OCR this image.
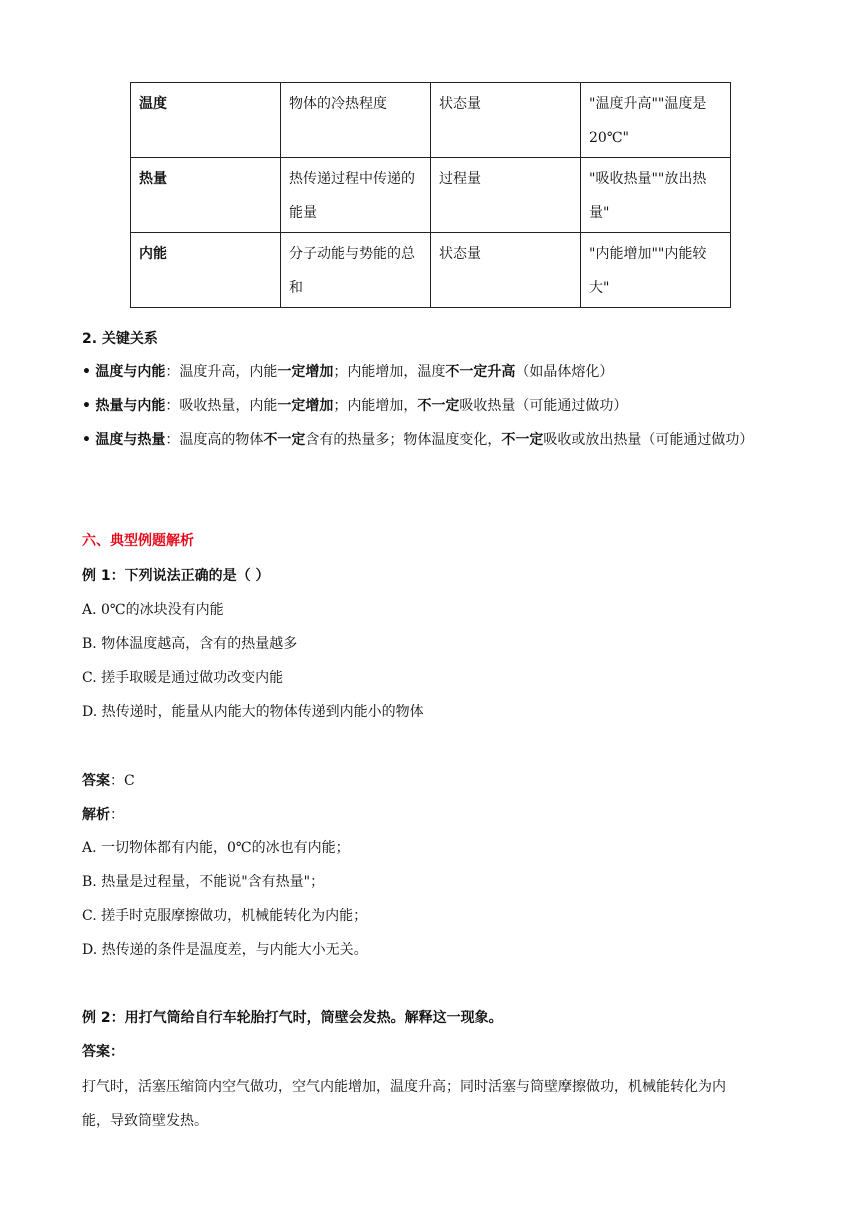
温度	物体的冷热程度	状态量	"温度升高""温度是20℃"
热量	热传递过程中传递的能量	过程量	"吸收热量""放出热量"
内能	分子动能与势能的总和	状态量	"内能增加""内能较大"
2. 关键关系
• 温度与内能：温度升高，内能一定增加；内能增加，温度不一定升高（如晶体熔化）
• 热量与内能：吸收热量，内能一定增加；内能增加，不一定吸收热量（可能通过做功）
• 温度与热量：温度高的物体不一定含有的热量多；物体温度变化，不一定吸收或放出热量（可能通过做功）
六、典型例题解析
例 1：下列说法正确的是（ ）
A. 0℃的冰块没有内能
B. 物体温度越高，含有的热量越多
C. 搓手取暖是通过做功改变内能
D. 热传递时，能量从内能大的物体传递到内能小的物体
答案：C
解析：
A. 一切物体都有内能，0℃的冰也有内能；
B. 热量是过程量，不能说"含有热量"；
C. 搓手时克服摩擦做功，机械能转化为内能；
D. 热传递的条件是温度差，与内能大小无关。
例 2：用打气筒给自行车轮胎打气时，筒壁会发热。解释这一现象。
答案：
打气时，活塞压缩筒内空气做功，空气内能增加，温度升高；同时活塞与筒壁摩擦做功，机械能转化为内
能，导致筒壁发热。
